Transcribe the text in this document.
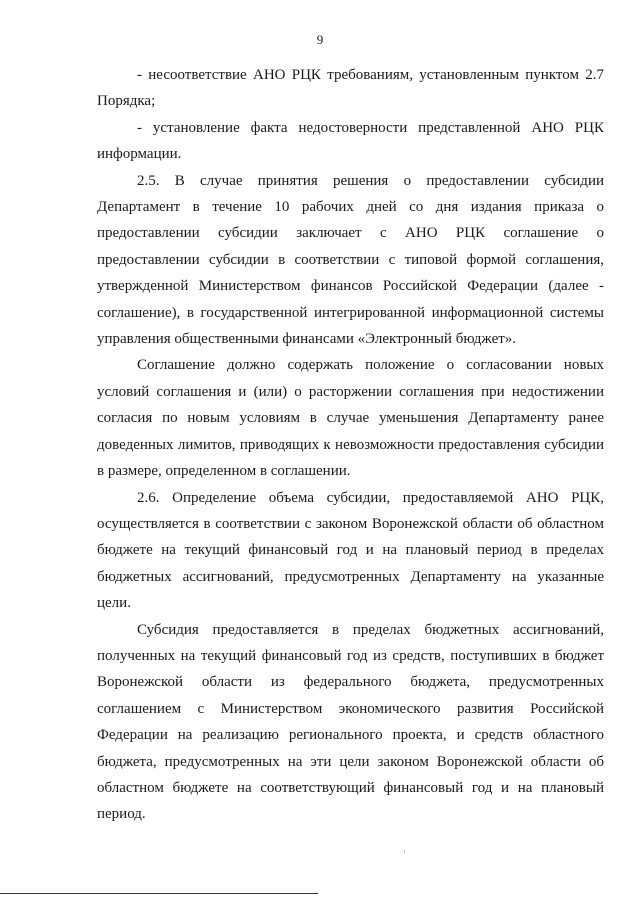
9

- несоответствие АНО РЦК требованиям, установленным пунктом 2.7 Порядка;

- установление факта недостоверности представленной АНО РЦК информации.

2.5. В случае принятия решения о предоставлении субсидии Департамент в течение 10 рабочих дней со дня издания приказа о предоставлении субсидии заключает с АНО РЦК соглашение о предоставлении субсидии в соответствии с типовой формой соглашения, утвержденной Министерством финансов Российской Федерации (далее - соглашение), в государственной интегрированной информационной системы управления общественными финансами «Электронный бюджет».

Соглашение должно содержать положение о согласовании новых условий соглашения и (или) о расторжении соглашения при недостижении согласия по новым условиям в случае уменьшения Департаменту ранее доведенных лимитов, приводящих к невозможности предоставления субсидии в размере, определенном в соглашении.

2.6. Определение объема субсидии, предоставляемой АНО РЦК, осуществляется в соответствии с законом Воронежской области об областном бюджете на текущий финансовый год и на плановый период в пределах бюджетных ассигнований, предусмотренных Департаменту на указанные цели.

Субсидия предоставляется в пределах бюджетных ассигнований, полученных на текущий финансовый год из средств, поступивших в бюджет Воронежской области из федерального бюджета, предусмотренных соглашением с Министерством экономического развития Российской Федерации на реализацию регионального проекта, и средств областного бюджета, предусмотренных на эти цели законом Воронежской области об областном бюджете на соответствующий финансовый год и на плановый период.
